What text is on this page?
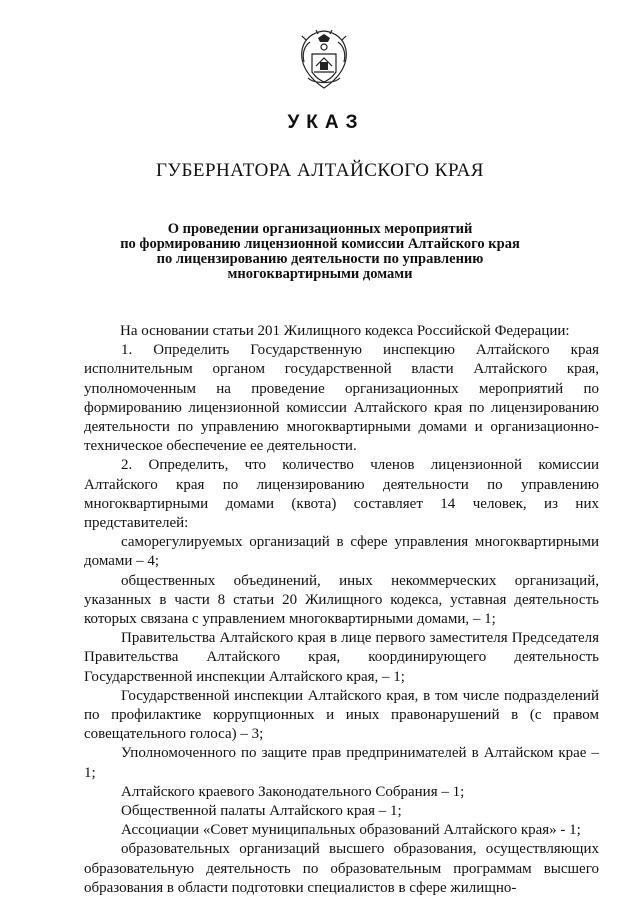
УКАЗ
ГУБЕРНАТОРА АЛТАЙСКОГО КРАЯ
О проведении организационных мероприятий
по формированию лицензионной комиссии Алтайского края
по лицензированию деятельности по управлению
многоквартирными домами

На основании статьи 201 Жилищного кодекса Российской Федерации:

1. Определить Государственную инспекцию Алтайского края исполнительным органом государственной власти Алтайского края, уполномоченным на проведение организационных мероприятий по формированию лицензионной комиссии Алтайского края по лицензированию деятельности по управлению многоквартирными домами и организационно-техническое обеспечение ее деятельности.

2. Определить, что количество членов лицензионной комиссии Алтайского края по лицензированию деятельности по управлению многоквартирными домами (квота) составляет 14 человек, из них представителей:

саморегулируемых организаций в сфере управления многоквартирными домами – 4;

общественных объединений, иных некоммерческих организаций, указанных в части 8 статьи 20 Жилищного кодекса, уставная деятельность которых связана с управлением многоквартирными домами, – 1;

Правительства Алтайского края в лице первого заместителя Председателя Правительства Алтайского края, координирующего деятельность Государственной инспекции Алтайского края, – 1;

Государственной инспекции Алтайского края, в том числе подразделений по профилактике коррупционных и иных правонарушений в (с правом совещательного голоса) – 3;

Уполномоченного по защите прав предпринимателей в Алтайском крае – 1;

Алтайского краевого Законодательного Собрания – 1;

Общественной палаты Алтайского края – 1;

Ассоциации «Совет муниципальных образований Алтайского края» - 1;

образовательных организаций высшего образования, осуществляющих образовательную деятельность по образовательным программам высшего образования в области подготовки специалистов в сфере жилищно-
